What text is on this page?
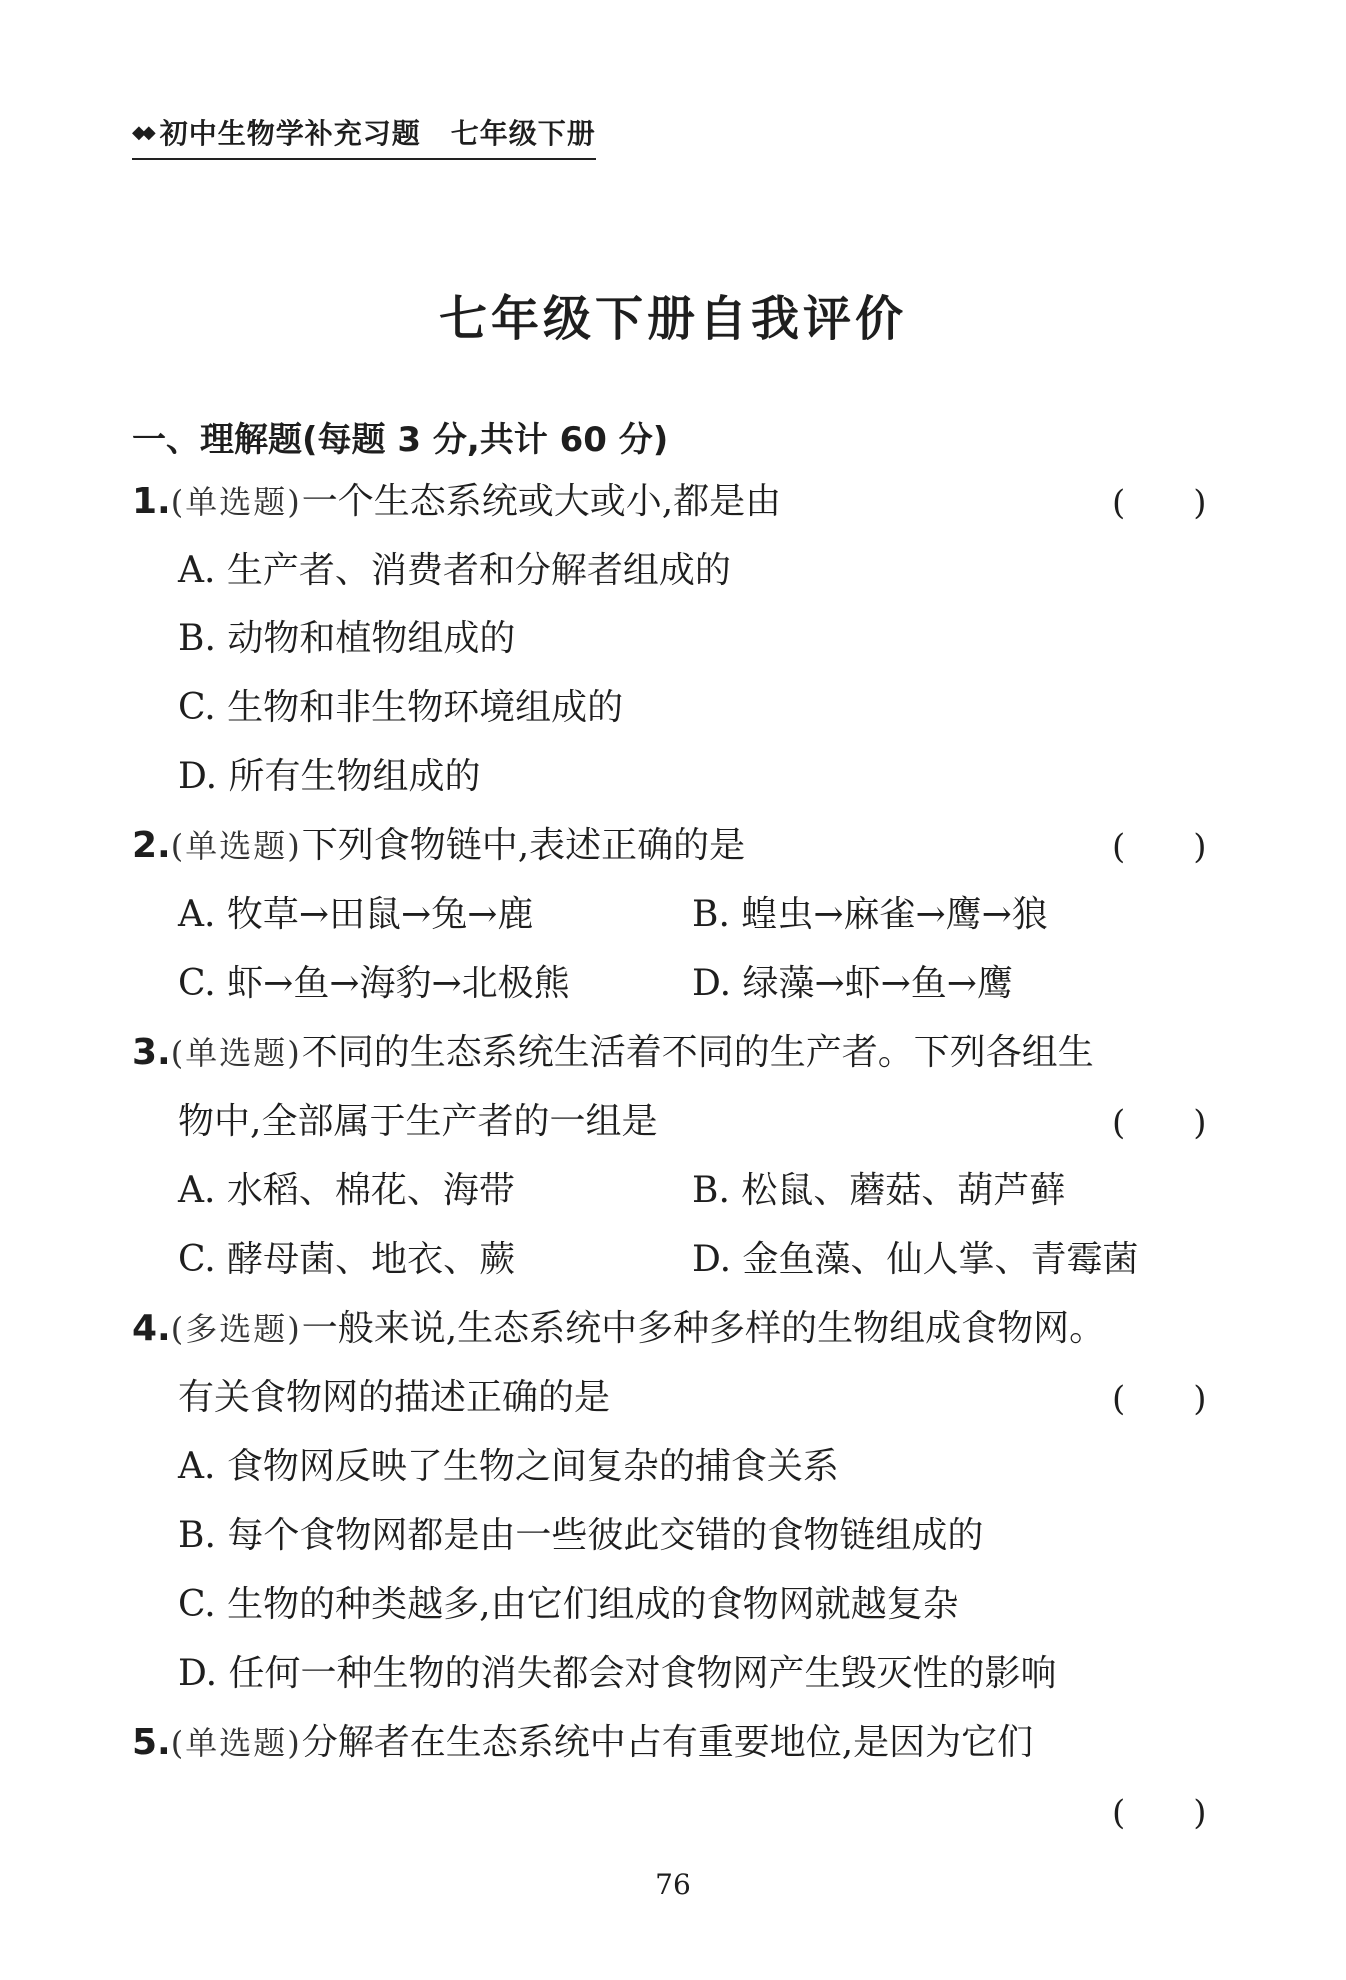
◆◆ 初中生物学补充习题 七年级下册
七年级下册自我评价
一、理解题(每题 3 分,共计 60 分)
1.(单选题)一个生态系统或大或小,都是由	(　　)
A. 生产者、消费者和分解者组成的
B. 动物和植物组成的
C. 生物和非生物环境组成的
D. 所有生物组成的
2.(单选题)下列食物链中,表述正确的是	(　　)
A. 牧草→田鼠→兔→鹿	B. 蝗虫→麻雀→鹰→狼
C. 虾→鱼→海豹→北极熊	D. 绿藻→虾→鱼→鹰
3.(单选题)不同的生态系统生活着不同的生产者。下列各组生
物中,全部属于生产者的一组是	(　　)
A. 水稻、棉花、海带	B. 松鼠、蘑菇、葫芦藓
C. 酵母菌、地衣、蕨	D. 金鱼藻、仙人掌、青霉菌
4.(多选题)一般来说,生态系统中多种多样的生物组成食物网。
有关食物网的描述正确的是	(　　)
A. 食物网反映了生物之间复杂的捕食关系
B. 每个食物网都是由一些彼此交错的食物链组成的
C. 生物的种类越多,由它们组成的食物网就越复杂
D. 任何一种生物的消失都会对食物网产生毁灭性的影响
5.(单选题)分解者在生态系统中占有重要地位,是因为它们
(　　)
76
